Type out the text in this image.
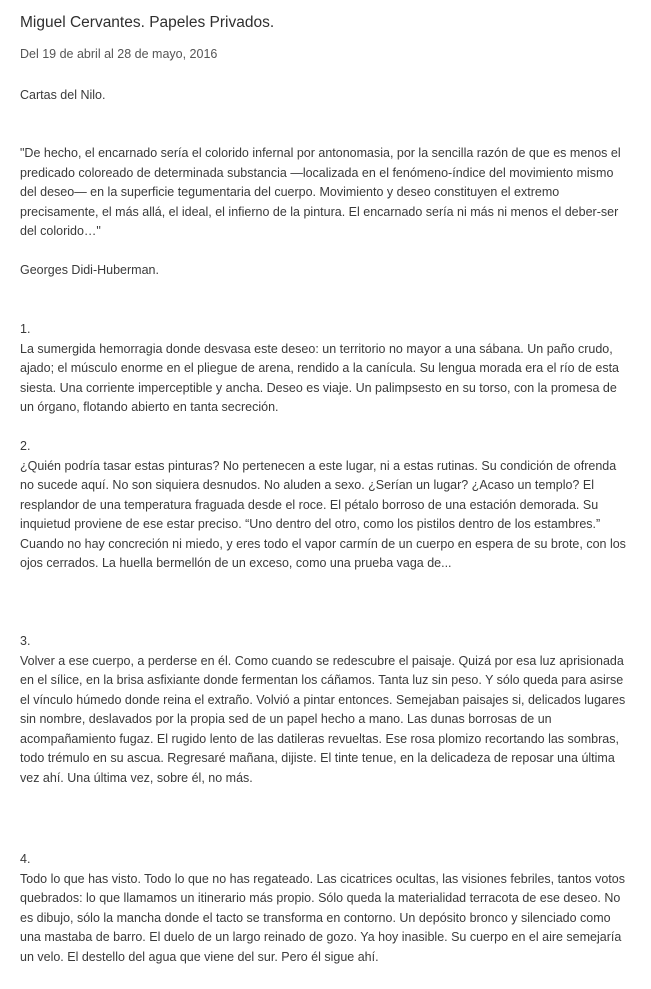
Miguel Cervantes. Papeles Privados.
Del 19 de abril al 28 de mayo, 2016

Cartas del Nilo.

"De hecho, el encarnado sería el colorido infernal por antonomasia, por la sencilla razón de que es menos el predicado coloreado de determinada substancia —localizada en el fenómeno-índice del movimiento mismo del deseo— en la superficie tegumentaria del cuerpo. Movimiento y deseo constituyen el extremo precisamente, el más allá, el ideal, el infierno de la pintura. El encarnado sería ni más ni menos el deber-ser del colorido…"

Georges Didi-Huberman.

1.
La sumergida hemorragia donde desvasa este deseo: un territorio no mayor a una sábana. Un paño crudo, ajado; el músculo enorme en el pliegue de arena, rendido a la canícula. Su lengua morada era el río de esta siesta. Una corriente imperceptible y ancha. Deseo es viaje. Un palimpsesto en su torso, con la promesa de un órgano, flotando abierto en tanta secreción.
2.
¿Quién podría tasar estas pinturas? No pertenecen a este lugar, ni a estas rutinas. Su condición de ofrenda no sucede aquí. No son siquiera desnudos. No aluden a sexo. ¿Serían un lugar? ¿Acaso un templo? El resplandor de una temperatura fraguada desde el roce. El pétalo borroso de una estación demorada. Su inquietud proviene de ese estar preciso. “Uno dentro del otro, como los pistilos dentro de los estambres.” Cuando no hay concreción ni miedo, y eres todo el vapor carmín de un cuerpo en espera de su brote, con los ojos cerrados. La huella bermellón de un exceso, como una prueba vaga de...
3.
Volver a ese cuerpo, a perderse en él. Como cuando se redescubre el paisaje. Quizá por esa luz aprisionada en el sílice, en la brisa asfixiante donde fermentan los cáñamos. Tanta luz sin peso. Y sólo queda para asirse el vínculo húmedo donde reina el extraño. Volvió a pintar entonces. Semejaban paisajes si, delicados lugares sin nombre, deslavados por la propia sed de un papel hecho a mano. Las dunas borrosas de un acompañamiento fugaz. El rugido lento de las datileras revueltas. Ese rosa plomizo recortando las sombras, todo trémulo en su ascua. Regresaré mañana, dijiste. El tinte tenue, en la delicadeza de reposar una última vez ahí. Una última vez, sobre él, no más.
4.
Todo lo que has visto. Todo lo que no has regateado. Las cicatrices ocultas, las visiones febriles, tantos votos quebrados: lo que llamamos un itinerario más propio. Sólo queda la materialidad terracota de ese deseo. No es dibujo, sólo la mancha donde el tacto se transforma en contorno. Un depósito bronco y silenciado como una mastaba de barro. El duelo de un largo reinado de gozo. Ya hoy inasible. Su cuerpo en el aire semejaría un velo. El destello del agua que viene del sur. Pero él sigue ahí.
